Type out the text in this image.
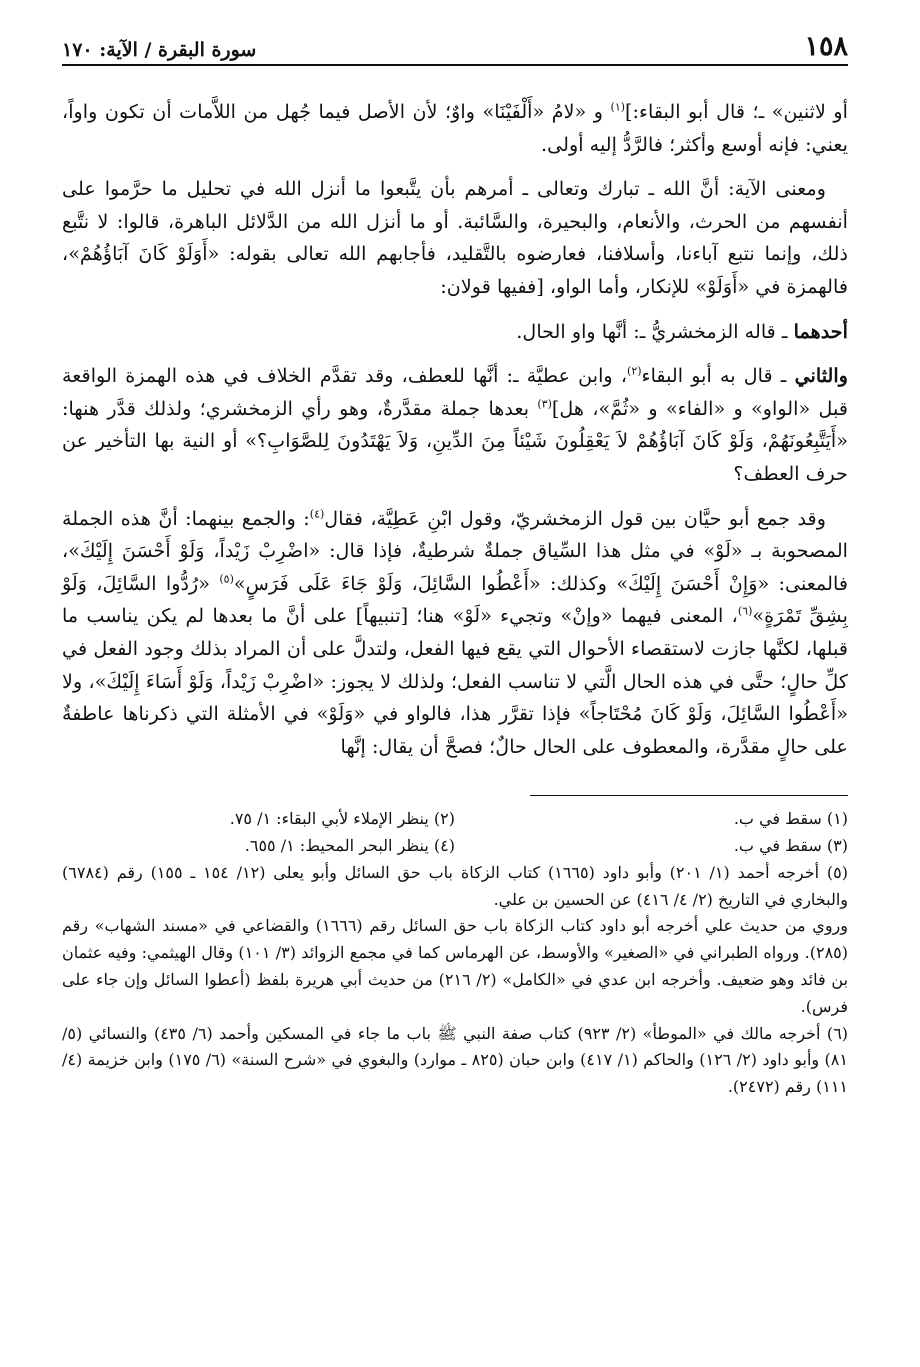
١٥٨
سورة البقرة / الآية: ١٧٠

أو لاثنين» ـ؛ قال أبو البقاء:]$^{(١)}$ و «لامُ «أَلْفَيْنَا» واوٌ؛ لأن الأصل فيما جُهل من اللاَّمات أن تكون واواً، يعني: فإنه أوسع وأكثر؛ فالرَّدُّ إليه أولى.

ومعنى الآية: أنَّ الله ـ تبارك وتعالى ـ أمرهم بأن يتَّبعوا ما أنزل الله في تحليل ما حرَّموا على أنفسهم من الحرث، والأنعام، والبحيرة، والسَّائبة. أو ما أنزل الله من الدَّلائل الباهرة، قالوا: لا نتَّبع ذلك، وإنما نتبع آباءنا، وأسلافنا، فعارضوه بالتَّقليد، فأجابهم الله تعالى بقوله: «أَوَلَوْ كَانَ آبَاؤُهُمْ»، فالهمزة في «أَوَلَوْ» للإنكار، وأما الواو، [ففيها قولان:

أحدهما ـ قاله الزمخشريُّ ـ: أنَّها واو الحال.

والثاني ـ قال به أبو البقاء$^{(٢)}$، وابن عطيَّة ـ: أنَّها للعطف، وقد تقدَّم الخلاف في هذه الهمزة الواقعة قبل «الواو» و «الفاء» و «ثُمَّ»، هل]$^{(٣)}$ بعدها جملة مقدَّرةٌ، وهو رأي الزمخشري؛ ولذلك قدَّر هنها: «أَيَتَّبِعُونَهُمْ، وَلَوْ كَانَ آبَاؤُهُمْ لاَ يَعْقِلُونَ شَيْئاً مِنَ الدِّينِ، وَلاَ يَهْتَدُونَ لِلصَّوَابِ؟» أو النية بها التأخير عن حرف العطف؟

وقد جمع أبو حيَّان بين قول الزمخشريّ، وقول ابْنِ عَطِيَّة، فقال$^{(٤)}$: والجمع بينهما: أنَّ هذه الجملة المصحوبة بـ «لَوْ» في مثل هذا السِّياق جملةٌ شرطيةٌ، فإذا قال: «اضْرِبْ زَيْداً، وَلَوْ أَحْسَنَ إِلَيْكَ»، فالمعنى: «وَإِنْ أَحْسَنَ إِلَيْكَ» وكذلك: «أَعْطُوا السَّائِلَ، وَلَوْ جَاءَ عَلَى فَرَسٍ»$^{(٥)}$ «رُدُّوا السَّائِلَ، وَلَوْ بِشِقِّ تَمْرَةٍ»$^{(٦)}$، المعنى فيهما «وإنْ» وتجيء «لَوْ» هنا؛ [تنبيهاً] على أنَّ ما بعدها لم يكن يناسب ما قبلها، لكنَّها جازت لاستقصاء الأحوال التي يقع فيها الفعل، ولتدلَّ على أن المراد بذلك وجود الفعل في كلِّ حالٍ؛ حتَّى في هذه الحال الَّتي لا تناسب الفعل؛ ولذلك لا يجوز: «اضْرِبْ زَيْداً، وَلَوْ أَسَاءَ إِلَيْكَ»، ولا «أَعْطُوا السَّائِلَ، وَلَوْ كَانَ مُحْتَاجاً» فإذا تقرَّر هذا، فالواو في «وَلَوْ» في الأمثلة التي ذكرناها عاطفةٌ على حالٍ مقدَّرة، والمعطوف على الحال حالٌ؛ فصحَّ أن يقال: إنَّها

(١) سقط في ب.
(٢) ينظر الإملاء لأبي البقاء: ١/ ٧٥.
(٣) سقط في ب.
(٤) ينظر البحر المحيط: ١/ ٦٥٥.
(٥) أخرجه أحمد (١/ ٢٠١) وأبو داود (١٦٦٥) كتاب الزكاة باب حق السائل وأبو يعلى (١٢/ ١٥٤ ـ ١٥٥) رقم (٦٧٨٤) والبخاري في التاريخ (٢/ ٤/ ٤١٦) عن الحسين بن علي.
وروي من حديث علي أخرجه أبو داود كتاب الزكاة باب حق السائل رقم (١٦٦٦) والقضاعي في «مسند الشهاب» رقم (٢٨٥). ورواه الطبراني في «الصغير» والأوسط، عن الهرماس كما في مجمع الزوائد (٣/ ١٠١) وقال الهيثمي: وفيه عثمان بن فائد وهو ضعيف. وأخرجه ابن عدي في «الكامل» (٢/ ٢١٦) من حديث أبي هريرة بلفظ (أعطوا السائل وإن جاء على فرس).
(٦) أخرجه مالك في «الموطأ» (٢/ ٩٢٣) كتاب صفة النبي ﷺ باب ما جاء في المسكين وأحمد (٦/ ٤٣٥) والنسائي (٥/ ٨١) وأبو داود (٢/ ١٢٦) والحاكم (١/ ٤١٧) وابن حبان (٨٢٥ ـ موارد) والبغوي في «شرح السنة» (٦/ ١٧٥) وابن خزيمة (٤/ ١١١) رقم (٢٤٧٢).
